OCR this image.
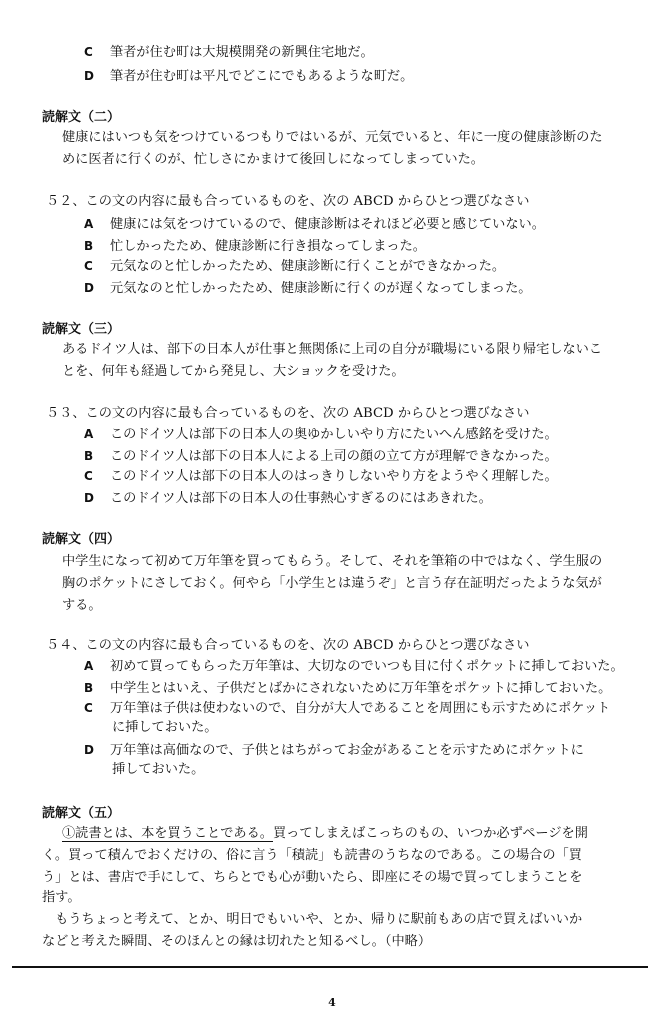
C 筆者が住む町は大規模開発の新興住宅地だ。
D 筆者が住む町は平凡でどこにでもあるような町だ。
読解文（二）
健康にはいつも気をつけているつもりではいるが、元気でいると、年に一度の健康診断のた
めに医者に行くのが、忙しさにかまけて後回しになってしまっていた。
５２、この文の内容に最も合っているものを、次の ABCD からひとつ選びなさい
A 健康には気をつけているので、健康診断はそれほど必要と感じていない。
B 忙しかったため、健康診断に行き損なってしまった。
C 元気なのと忙しかったため、健康診断に行くことができなかった。
D 元気なのと忙しかったため、健康診断に行くのが遅くなってしまった。
読解文（三）
あるドイツ人は、部下の日本人が仕事と無関係に上司の自分が職場にいる限り帰宅しないこ
とを、何年も経過してから発見し、大ショックを受けた。
５３、この文の内容に最も合っているものを、次の ABCD からひとつ選びなさい
A このドイツ人は部下の日本人の奥ゆかしいやり方にたいへん感銘を受けた。
B このドイツ人は部下の日本人による上司の顔の立て方が理解できなかった。
C このドイツ人は部下の日本人のはっきりしないやり方をようやく理解した。
D このドイツ人は部下の日本人の仕事熱心すぎるのにはあきれた。
読解文（四）
中学生になって初めて万年筆を買ってもらう。そして、それを筆箱の中ではなく、学生服の
胸のポケットにさしておく。何やら「小学生とは違うぞ」と言う存在証明だったような気が
する。
５４、この文の内容に最も合っているものを、次の ABCD からひとつ選びなさい
A 初めて買ってもらった万年筆は、大切なのでいつも目に付くポケットに挿しておいた。
B 中学生とはいえ、子供だとばかにされないために万年筆をポケットに挿しておいた。
C 万年筆は子供は使わないので、自分が大人であることを周囲にも示すためにポケット
に挿しておいた。
D 万年筆は高価なので、子供とはちがってお金があることを示すためにポケットに
挿しておいた。
読解文（五）
①読書とは、本を買うことである。買ってしまえばこっちのもの、いつか必ずページを開
く。買って積んでおくだけの、俗に言う「積読」も読書のうちなのである。この場合の「買
う」とは、書店で手にして、ちらとでも心が動いたら、即座にその場で買ってしまうことを
指す。
　もうちょっと考えて、とか、明日でもいいや、とか、帰りに駅前もあの店で買えばいいか
などと考えた瞬間、そのほんとの縁は切れたと知るべし。（中略）
4
